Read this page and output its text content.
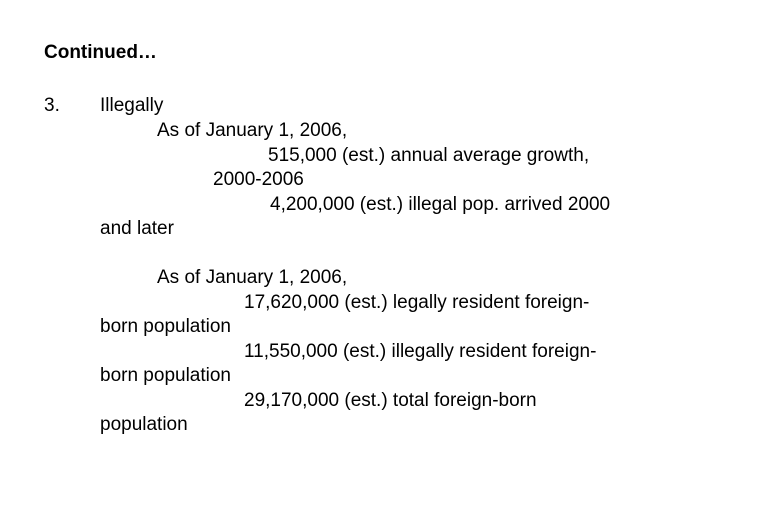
Continued…
3. Illegally
As of January 1, 2006,
515,000 (est.) annual average growth,
2000-2006
4,200,000 (est.) illegal pop. arrived 2000
and later
As of January 1, 2006,
17,620,000 (est.) legally resident foreign-
born population
11,550,000 (est.) illegally resident foreign-
born population
29,170,000 (est.) total foreign-born
population
